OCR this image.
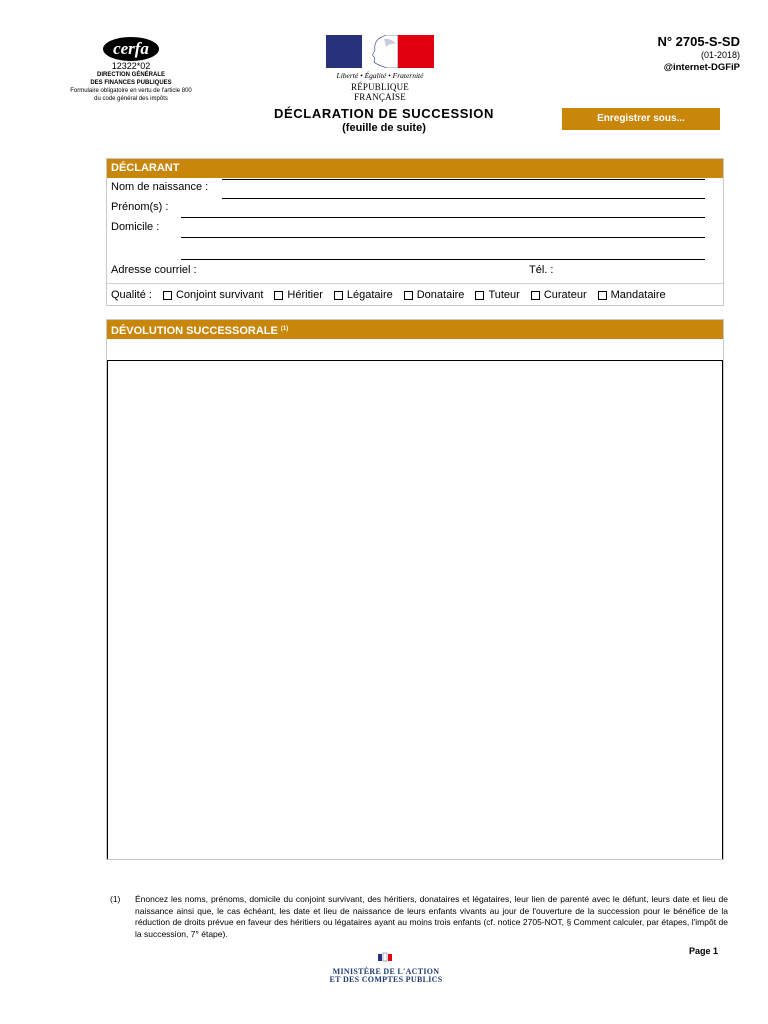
cerfa
12322*02
DIRECTION GÉNÉRALE
DES FINANCES PUBLIQUES
Formulaire obligatoire en vertu de l'article 800
du code général des impôts
Liberté • Égalité • Fraternité
RÉPUBLIQUE FRANÇAISE
N° 2705-S-SD
(01-2018)
@internet-DGFiP
DÉCLARATION DE SUCCESSION
(feuille de suite)
Enregistrer sous...
DÉCLARANT
Nom de naissance :
Prénom(s) :
Domicile :
Adresse courriel :	Tél. :
Qualité : Conjoint survivant Héritier Légataire Donataire Tuteur Curateur Mandataire
DÉVOLUTION SUCCESSORALE $^{(1)}$
(1) Énoncez les noms, prénoms, domicile du conjoint survivant, des héritiers, donataires et légataires, leur lien de parenté avec le défunt, leurs date et lieu de naissance ainsi que, le cas échéant, les date et lieu de naissance de leurs enfants vivants au jour de l'ouverture de la succession pour le bénéfice de la réduction de droits prévue en faveur des héritiers ou légataires ayant au moins trois enfants (cf. notice 2705-NOT, § Comment calculer, par étapes, l'impôt de la succession, 7° étape).
Page 1
MINISTÈRE DE L'ACTION
ET DES COMPTES PUBLICS
